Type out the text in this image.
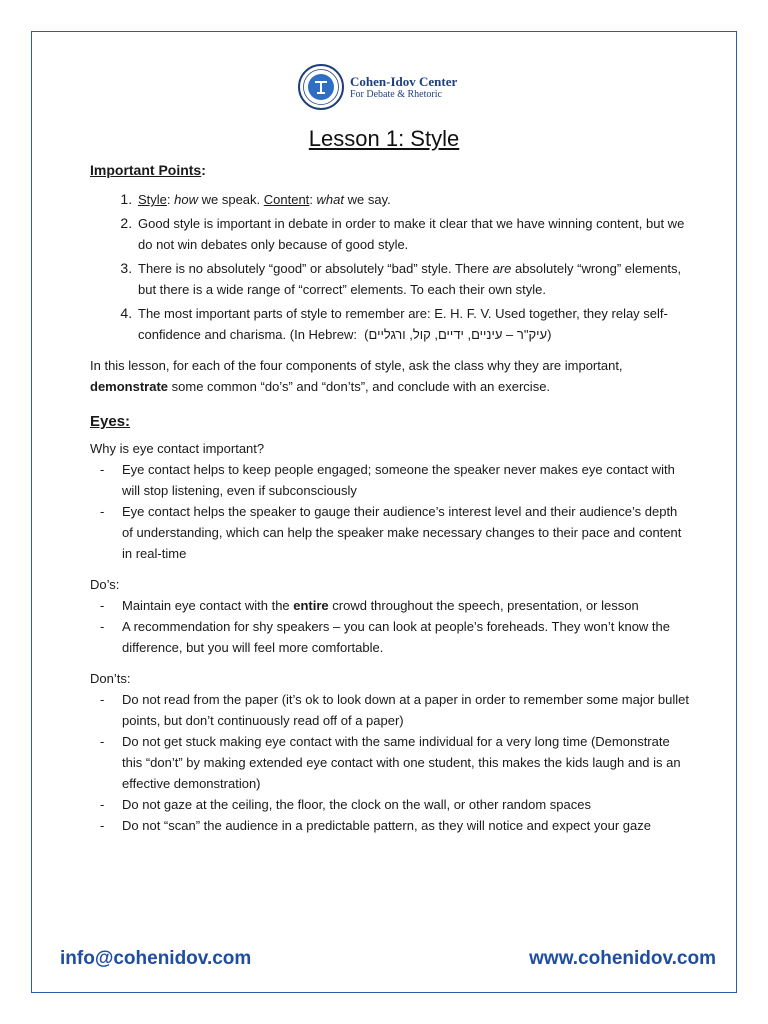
Cohen-Idov Center
For Debate & Rhetoric
Lesson 1: Style

Important Points:

1. Style: how we speak. Content: what we say.
2. Good style is important in debate in order to make it clear that we have winning content, but we do not win debates only because of good style.
3. There is no absolutely “good” or absolutely “bad” style. There are absolutely “wrong” elements, but there is a wide range of “correct” elements. To each their own style.
4. The most important parts of style to remember are: E. H. F. V. Used together, they relay self-confidence and charisma. (In Hebrew:  (עיק"ר – עיניים, ידיים, קול, ורגליים)

In this lesson, for each of the four components of style, ask the class why they are important, demonstrate some common “do’s” and “don’ts”, and conclude with an exercise.

Eyes:

Why is eye contact important?

- Eye contact helps to keep people engaged; someone the speaker never makes eye contact with will stop listening, even if subconsciously
- Eye contact helps the speaker to gauge their audience’s interest level and their audience’s depth of understanding, which can help the speaker make necessary changes to their pace and content in real-time

Do’s:

- Maintain eye contact with the entire crowd throughout the speech, presentation, or lesson
- A recommendation for shy speakers – you can look at people’s foreheads. They won’t know the difference, but you will feel more comfortable.

Don’ts:

- Do not read from the paper (it’s ok to look down at a paper in order to remember some major bullet points, but don’t continuously read off of a paper)
- Do not get stuck making eye contact with the same individual for a very long time (Demonstrate this “don’t” by making extended eye contact with one student, this makes the kids laugh and is an effective demonstration)
- Do not gaze at the ceiling, the floor, the clock on the wall, or other random spaces
- Do not “scan” the audience in a predictable pattern, as they will notice and expect your gaze
info@cohenidov.com	www.cohenidov.com
